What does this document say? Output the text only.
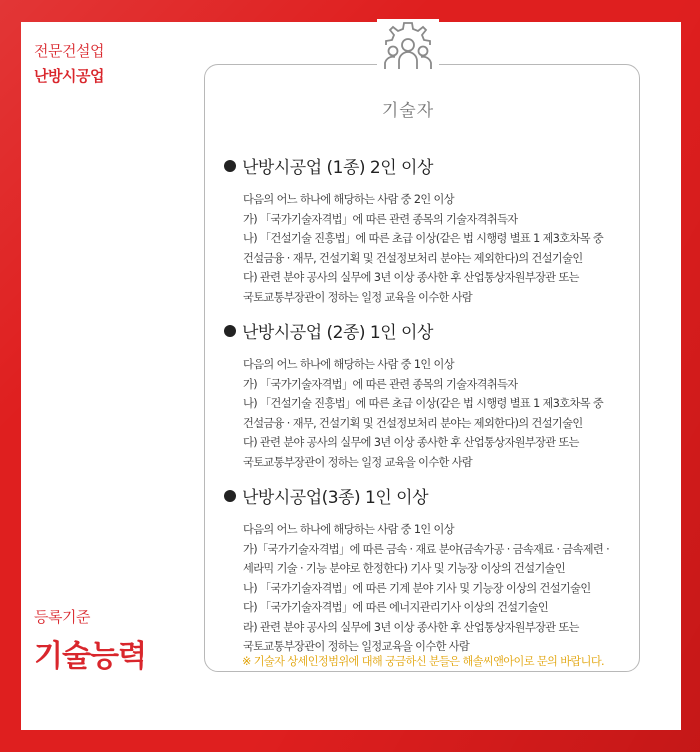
전문건설업
난방시공업
등록기준
기술능력
기술자
난방시공업 (1종) 2인 이상
다음의 어느 하나에 해당하는 사람 중 2인 이상
가) 「국가기술자격법」에 따른 관련 종목의 기술자격취득자
나) 「건설기술 진흥법」에 따른 초급 이상(같은 법 시행령 별표 1 제3호차목 중
건설금융 · 재무, 건설기획 및 건설정보처리 분야는 제외한다)의 건설기술인
다) 관련 분야 공사의 실무에 3년 이상 종사한 후 산업통상자원부장관 또는
국토교통부장관이 정하는 일정 교육을 이수한 사람
난방시공업 (2종) 1인 이상
다음의 어느 하나에 해당하는 사람 중 1인 이상
가) 「국가기술자격법」에 따른 관련 종목의 기술자격취득자
나) 「건설기술 진흥법」에 따른 초급 이상(같은 법 시행령 별표 1 제3호차목 중
건설금융 · 재무, 건설기획 및 건설정보처리 분야는 제외한다)의 건설기술인
다) 관련 분야 공사의 실무에 3년 이상 종사한 후 산업통상자원부장관 또는
국토교통부장관이 정하는 일정 교육을 이수한 사람
난방시공업(3종) 1인 이상
다음의 어느 하나에 해당하는 사람 중 1인 이상
가)「국가기술자격법」에 따른 금속 · 재료 분야(금속가공 · 금속재료 · 금속제련 ·
세라믹 기술 · 기능 분야로 한정한다) 기사 및 기능장 이상의 건설기술인
나) 「국가기술자격법」에 따른 기계 분야 기사 및 기능장 이상의 건설기술인
다) 「국가기술자격법」에 따른 에너지관리기사 이상의 건설기술인
라) 관련 분야 공사의 실무에 3년 이상 종사한 후 산업통상자원부장관 또는
국토교통부장관이 정하는 일정교육을 이수한 사람
※ 기술자 상세인정범위에 대해 궁금하신 분들은 해솔씨앤아이로 문의 바랍니다.
